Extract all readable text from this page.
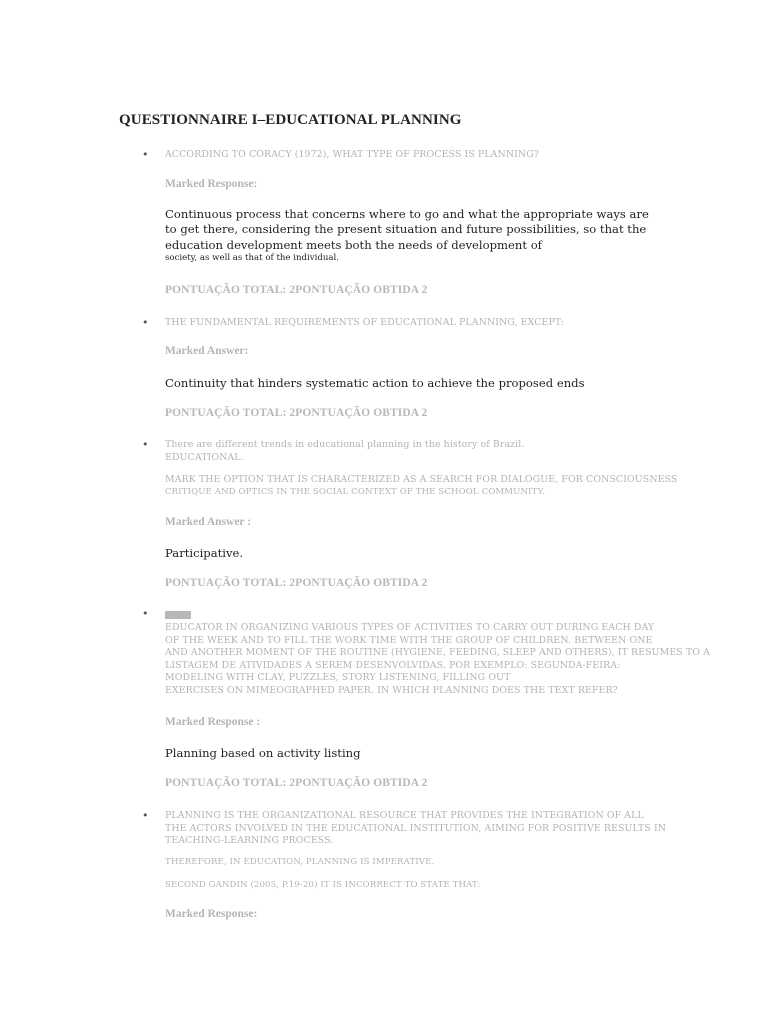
QUESTIONNAIRE I–EDUCATIONAL PLANNING
• ACCORDING TO CORACY (1972), WHAT TYPE OF PROCESS IS PLANNING?
Marked Response:
Continuous process that concerns where to go and what the appropriate ways are
to get there, considering the present situation and future possibilities, so that the
education development meets both the needs of development of
society, as well as that of the individual.
PONTUAÇÃO TOTAL: 2PONTUAÇÃO OBTIDA 2
• THE FUNDAMENTAL REQUIREMENTS OF EDUCATIONAL PLANNING, EXCEPT:
Marked Answer:
Continuity that hinders systematic action to achieve the proposed ends
PONTUAÇÃO TOTAL: 2PONTUAÇÃO OBTIDA 2
• There are different trends in educational planning in the history of Brazil.
EDUCATIONAL.
MARK THE OPTION THAT IS CHARACTERIZED AS A SEARCH FOR DIALOGUE, FOR CONSCIOUSNESS
CRITIQUE AND OPTICS IN THE SOCIAL CONTEXT OF THE SCHOOL COMMUNITY.
Marked Answer :
Participative.
PONTUAÇÃO TOTAL: 2PONTUAÇÃO OBTIDA 2
•
EDUCATOR IN ORGANIZING VARIOUS TYPES OF ACTIVITIES TO CARRY OUT DURING EACH DAY
OF THE WEEK AND TO FILL THE WORK TIME WITH THE GROUP OF CHILDREN. BETWEEN ONE
AND ANOTHER MOMENT OF THE ROUTINE (HYGIENE, FEEDING, SLEEP AND OTHERS), IT RESUMES TO A
LISTAGEM DE ATIVIDADES A SEREM DESENVOLVIDAS. POR EXEMPLO: SEGUNDA-FEIRA:
MODELING WITH CLAY, PUZZLES, STORY LISTENING, FILLING OUT
EXERCISES ON MIMEOGRAPHED PAPER. IN WHICH PLANNING DOES THE TEXT REFER?
Marked Response :
Planning based on activity listing
PONTUAÇÃO TOTAL: 2PONTUAÇÃO OBTIDA 2
• PLANNING IS THE ORGANIZATIONAL RESOURCE THAT PROVIDES THE INTEGRATION OF ALL
THE ACTORS INVOLVED IN THE EDUCATIONAL INSTITUTION, AIMING FOR POSITIVE RESULTS IN
TEACHING-LEARNING PROCESS.
THEREFORE, IN EDUCATION, PLANNING IS IMPERATIVE.
SECOND GANDIN (2005, P.19-20) IT IS INCORRECT TO STATE THAT:
Marked Response:
